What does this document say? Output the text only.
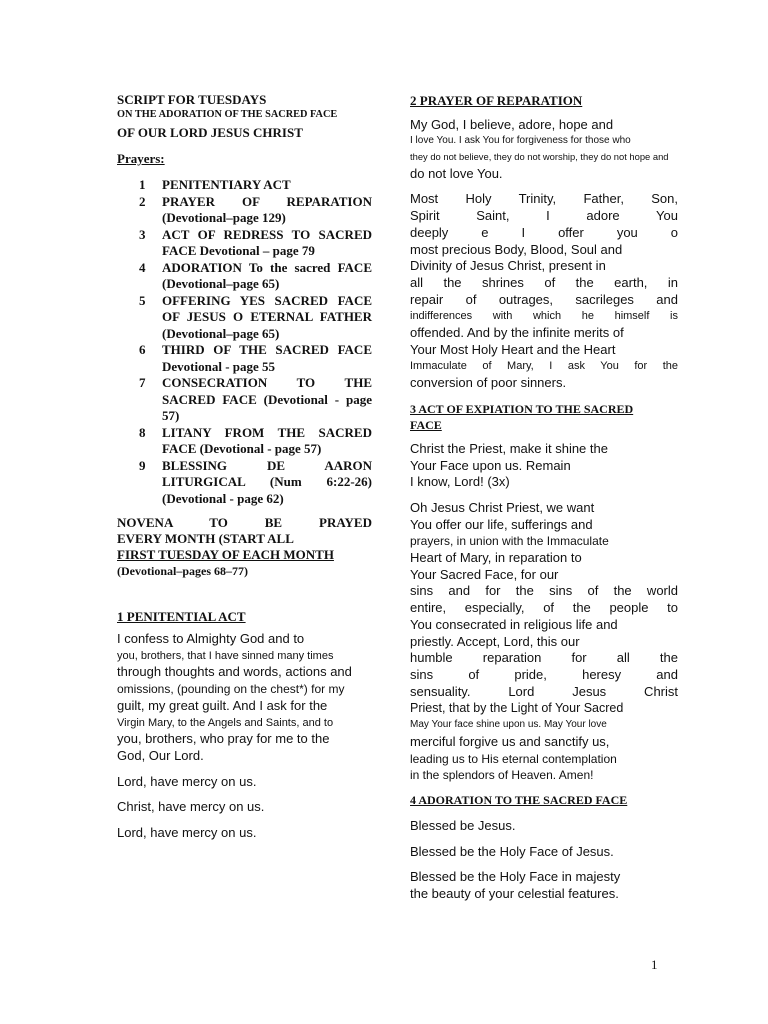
SCRIPT FOR TUESDAYS

ON THE ADORATION OF THE SACRED FACE

OF OUR LORD JESUS CHRIST

Prayers:

1 PENITENTIARY ACT
2 PRAYER OF REPARATION (Devotional–page 129)
3 ACT OF REDRESS TO SACRED FACE Devotional – page 79
4 ADORATION To the sacred FACE (Devotional–page 65)
5 OFFERING YES SACRED FACE OF JESUS O ETERNAL FATHER (Devotional–page 65)
6 THIRD OF THE SACRED FACE Devotional - page 55
7 CONSECRATION TO THE SACRED FACE (Devotional - page 57)
8 LITANY FROM THE SACRED FACE (Devotional - page 57)
9 BLESSING DE AARON LITURGICAL (Num 6:22-26) (Devotional - page 62)

NOVENA TO BE PRAYED

EVERY MONTH (START ALL

FIRST TUESDAY OF EACH MONTH

(Devotional–pages 68–77)

1 PENITENTIAL ACT

I confess to Almighty God and to

you, brothers, that I have sinned many times

through thoughts and words, actions and

omissions, (pounding on the chest*) for my

guilt, my great guilt. And I ask for the

Virgin Mary, to the Angels and Saints, and to

you, brothers, who pray for me to the

God, Our Lord.

Lord, have mercy on us.

Christ, have mercy on us.

Lord, have mercy on us.

2 PRAYER OF REPARATION

My God, I believe, adore, hope and

I love You. I ask You for forgiveness for those who

they do not believe, they do not worship, they do not hope and

do not love You.

Most Holy Trinity, Father, Son,

Spirit Saint, I adore You

deeply e I offer you o

most precious Body, Blood, Soul and

Divinity of Jesus Christ, present in

all the shrines of the earth, in

repair of outrages, sacrileges and

indifferences with which he himself is

offended. And by the infinite merits of

Your Most Holy Heart and the Heart

Immaculate of Mary, I ask You for the

conversion of poor sinners.

3 ACT OF EXPIATION TO THE SACRED

FACE

Christ the Priest, make it shine the

Your Face upon us. Remain

I know, Lord! (3x)

Oh Jesus Christ Priest, we want

You offer our life, sufferings and

prayers, in union with the Immaculate

Heart of Mary, in reparation to

Your Sacred Face, for our

sins and for the sins of the world

entire, especially, of the people to

You consecrated in religious life and

priestly. Accept, Lord, this our

humble reparation for all the

sins of pride, heresy and

sensuality. Lord Jesus Christ

Priest, that by the Light of Your Sacred

May Your face shine upon us. May Your love

merciful forgive us and sanctify us,

leading us to His eternal contemplation

in the splendors of Heaven. Amen!

4 ADORATION TO THE SACRED FACE

Blessed be Jesus.

Blessed be the Holy Face of Jesus.

Blessed be the Holy Face in majesty

the beauty of your celestial features.

1
